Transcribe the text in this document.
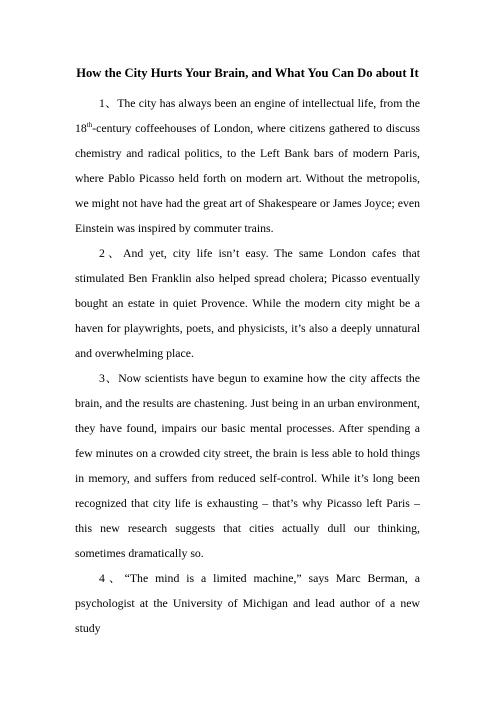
How the City Hurts Your Brain, and What You Can Do about It

1、The city has always been an engine of intellectual life, from the 18th-century coffeehouses of London, where citizens gathered to discuss chemistry and radical politics, to the Left Bank bars of modern Paris, where Pablo Picasso held forth on modern art. Without the metropolis, we might not have had the great art of Shakespeare or James Joyce; even Einstein was inspired by commuter trains.

2、And yet, city life isn’t easy. The same London cafes that stimulated Ben Franklin also helped spread cholera; Picasso eventually bought an estate in quiet Provence. While the modern city might be a haven for playwrights, poets, and physicists, it’s also a deeply unnatural and overwhelming place.

3、Now scientists have begun to examine how the city affects the brain, and the results are chastening. Just being in an urban environment, they have found, impairs our basic mental processes. After spending a few minutes on a crowded city street, the brain is less able to hold things in memory, and suffers from reduced self-control. While it’s long been recognized that city life is exhausting – that’s why Picasso left Paris – this new research suggests that cities actually dull our thinking, sometimes dramatically so.

4、“The mind is a limited machine,” says Marc Berman, a psychologist at the University of Michigan and lead author of a new study
